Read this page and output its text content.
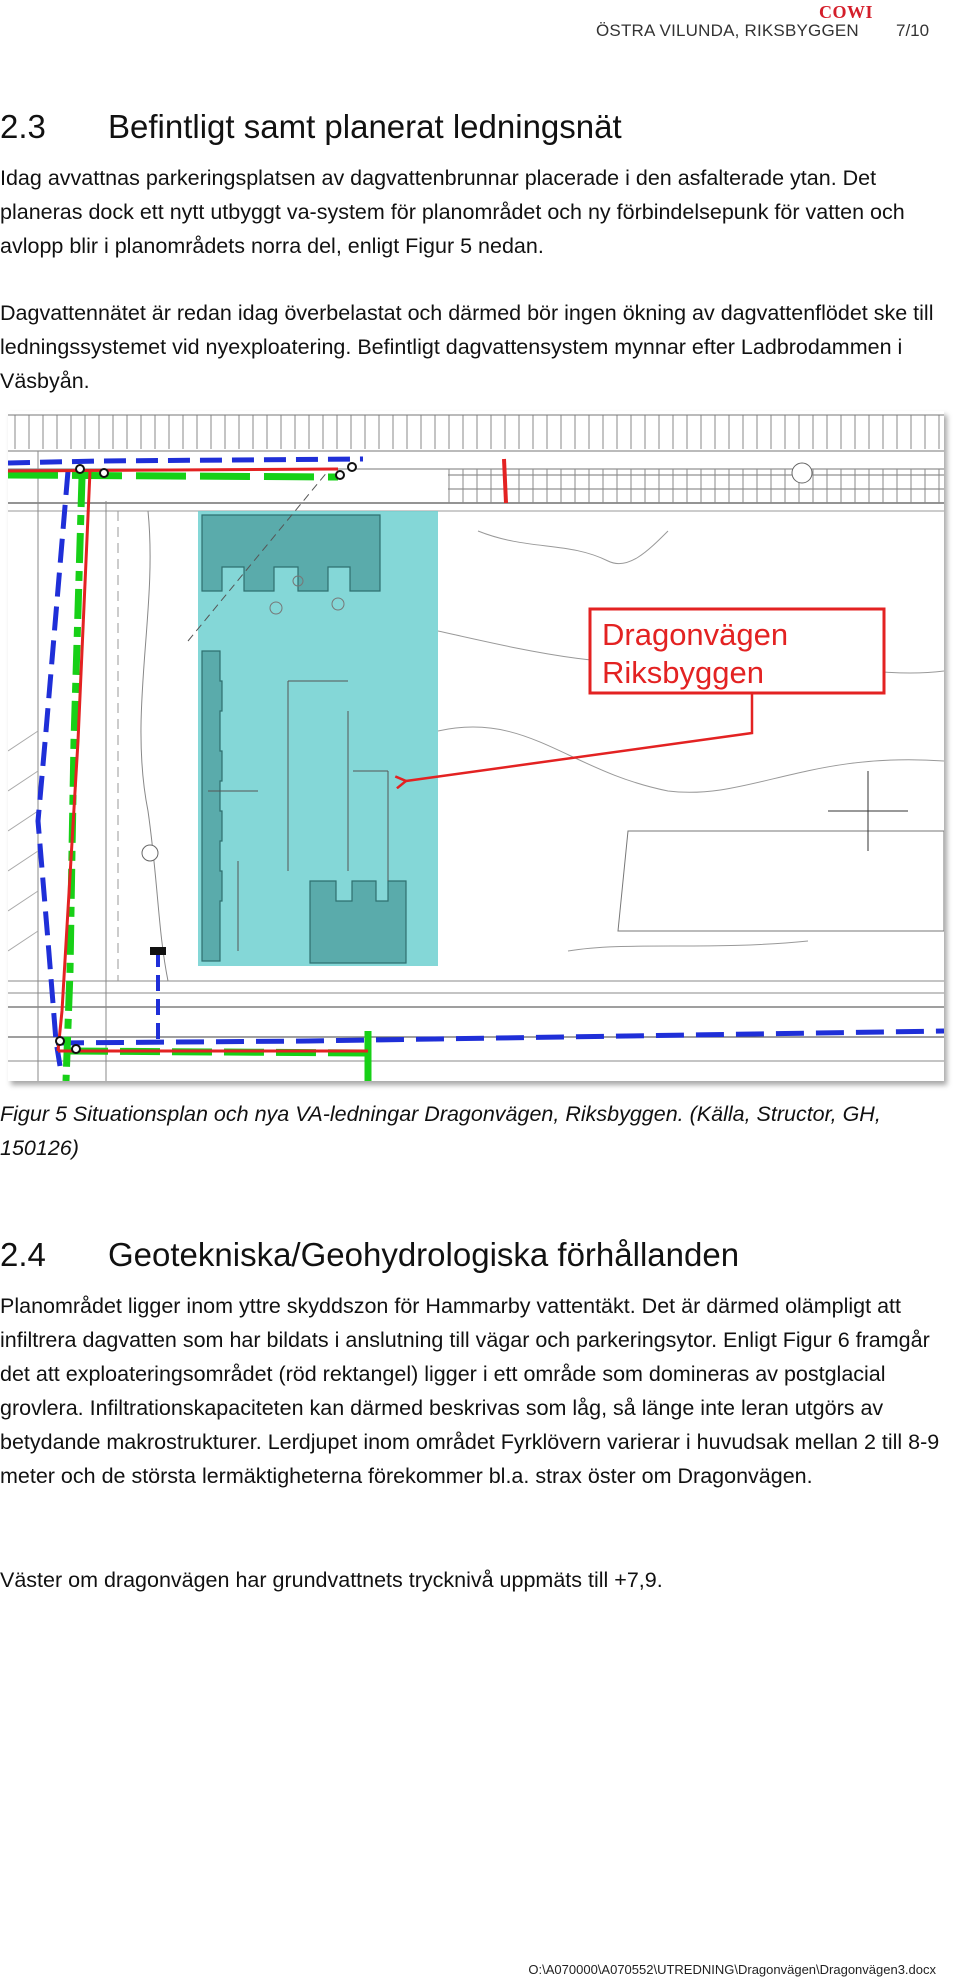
COWI
ÖSTRA VILUNDA, RIKSBYGGEN 7/10
2.3 Befintligt samt planerat ledningsnät

Idag avvattnas parkeringsplatsen av dagvattenbrunnar placerade i den asfalterade ytan. Det planeras dock ett nytt utbyggt va-system för planområdet och ny förbindelsepunk för vatten och avlopp blir i planområdets norra del, enligt Figur 5 nedan.

Dagvattennätet är redan idag överbelastat och därmed bör ingen ökning av dagvattenflödet ske till ledningssystemet vid nyexploatering. Befintligt dagvattensystem mynnar efter Ladbrodammen i Väsbyån.

Dragonvägen
Riksbyggen

Figur 5 Situationsplan och nya VA-ledningar Dragonvägen, Riksbyggen. (Källa, Structor, GH, 150126)

2.4 Geotekniska/Geohydrologiska förhållanden

Planområdet ligger inom yttre skyddszon för Hammarby vattentäkt. Det är därmed olämpligt att infiltrera dagvatten som har bildats i anslutning till vägar och parkeringsytor. Enligt Figur 6 framgår det att exploateringsområdet (röd rektangel) ligger i ett område som domineras av postglacial grovlera. Infiltrationskapaciteten kan därmed beskrivas som låg, så länge inte leran utgörs av betydande makrostrukturer. Lerdjupet inom området Fyrklövern varierar i huvudsak mellan 2 till 8-9 meter och de största lermäktigheterna förekommer bl.a. strax öster om Dragonvägen.

Väster om dragonvägen har grundvattnets trycknivå uppmäts till +7,9.

O:\A070000\A070552\UTREDNING\Dragonvägen\Dragonvägen3.docx
